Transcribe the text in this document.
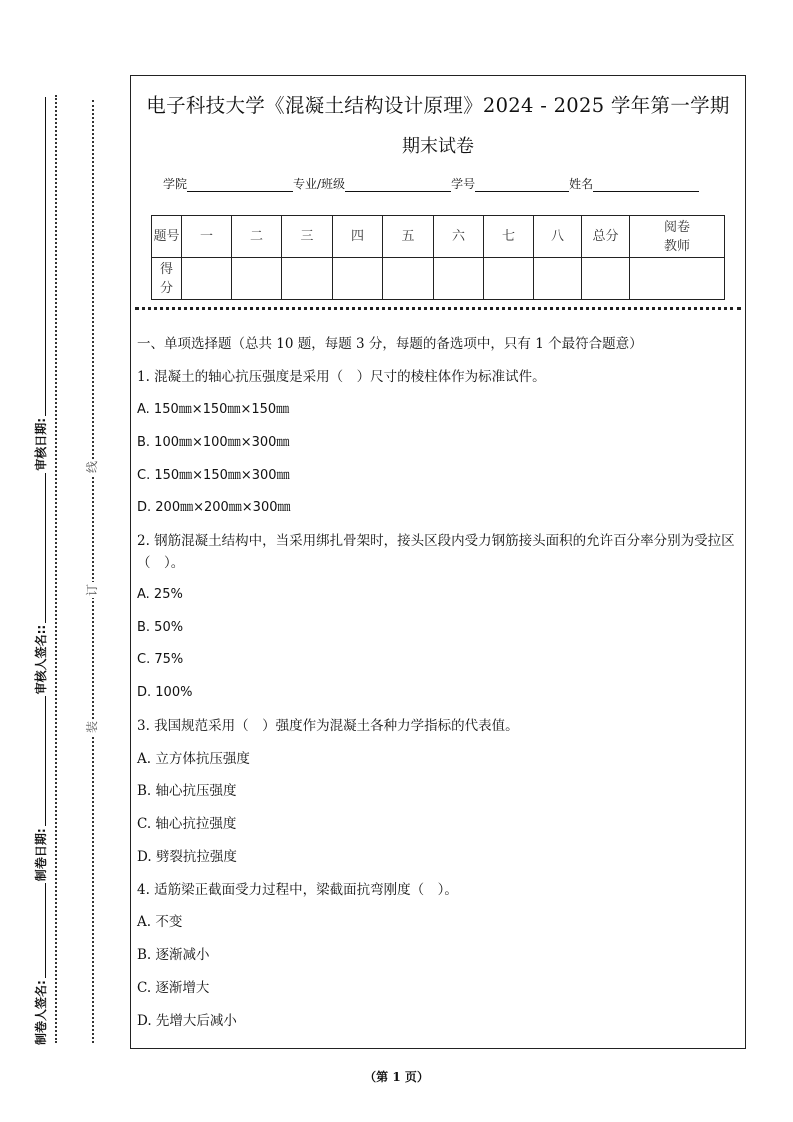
制卷人签名:
制卷日期:
审核人签名::
审核日期:
装
订
线
电子科技大学《混凝土结构设计原理》2024 - 2025 学年第一学期
期末试卷
学院	专业/班级	学号	姓名
题号	一	二	三	四	五	六	七	八	总分	阅卷教师
得分										
一、单项选择题（总共 10 题，每题 3 分，每题的备选项中，只有 1 个最符合题意）
1. 混凝土的轴心抗压强度是采用（　）尺寸的棱柱体作为标准试件。
A. 150㎜×150㎜×150㎜
B. 100㎜×100㎜×300㎜
C. 150㎜×150㎜×300㎜
D. 200㎜×200㎜×300㎜
2. 钢筋混凝土结构中，当采用绑扎骨架时，接头区段内受力钢筋接头面积的允许百分率分别为受拉区（　）。
A. 25%
B. 50%
C. 75%
D. 100%
3. 我国规范采用（　）强度作为混凝土各种力学指标的代表值。
A. 立方体抗压强度
B. 轴心抗压强度
C. 轴心抗拉强度
D. 劈裂抗拉强度
4. 适筋梁正截面受力过程中，梁截面抗弯刚度（　）。
A. 不变
B. 逐渐减小
C. 逐渐增大
D. 先增大后减小
（第 1 页）
